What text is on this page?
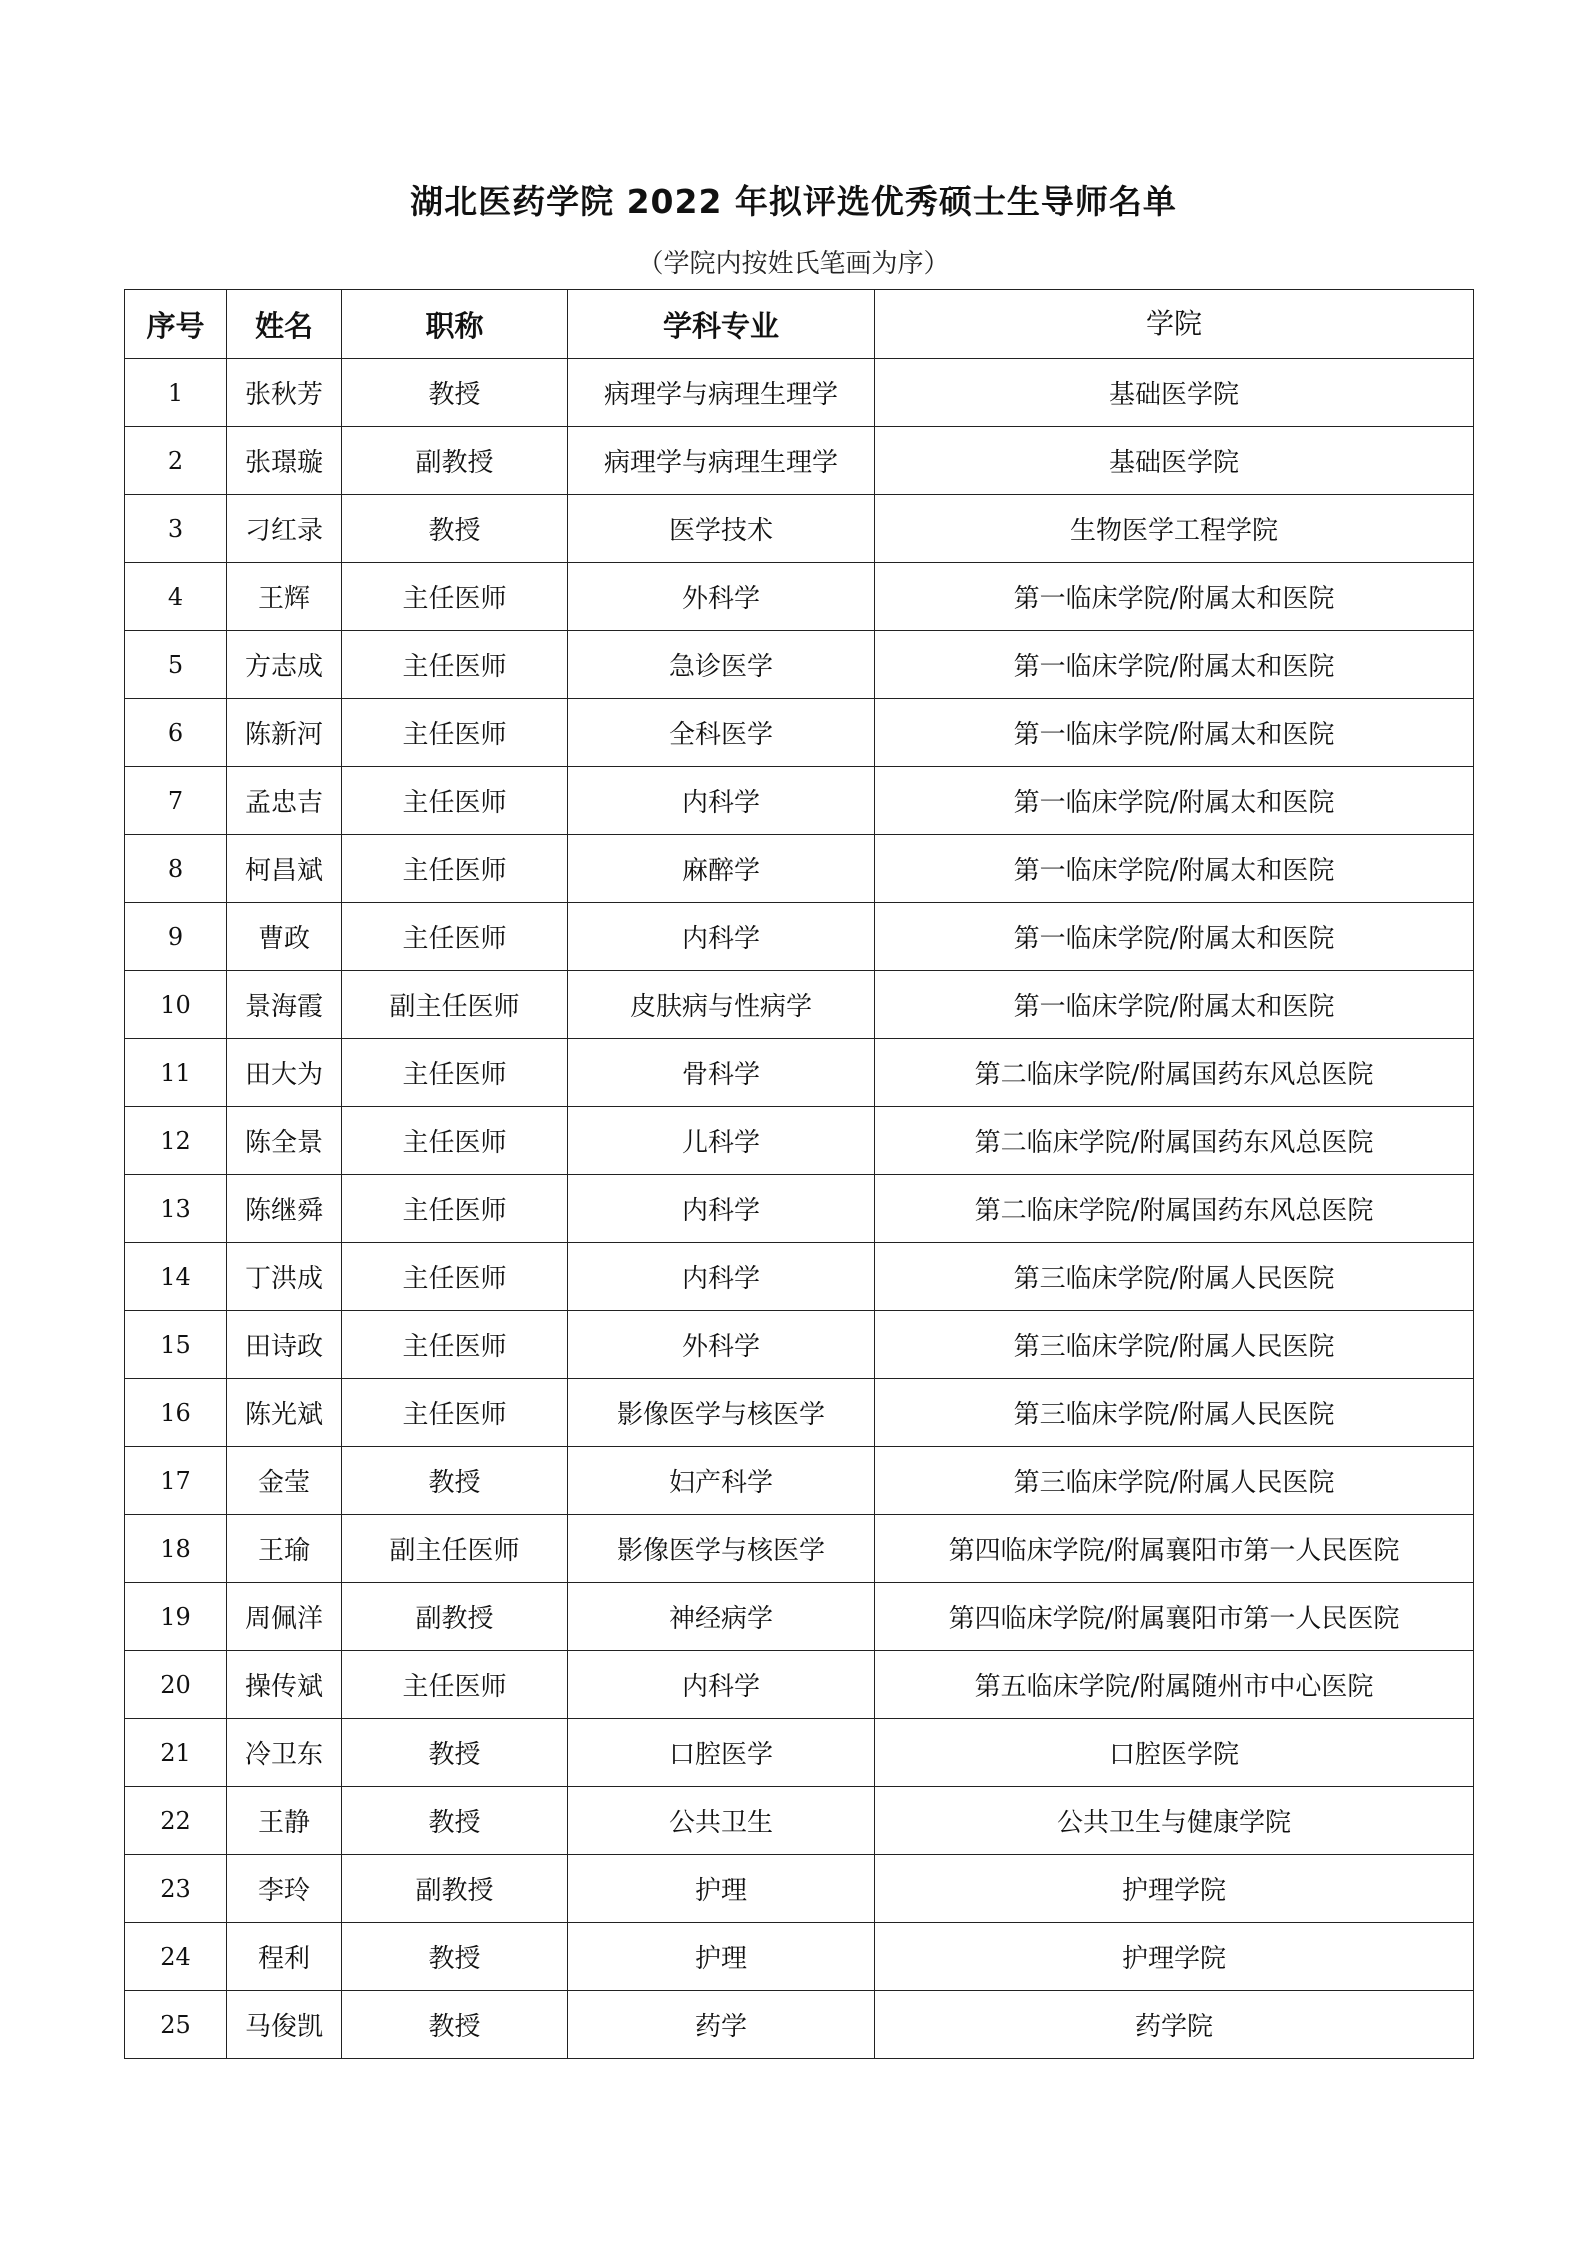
湖北医药学院 2022 年拟评选优秀硕士生导师名单
（学院内按姓氏笔画为序）
序号	姓名	职称	学科专业	学院
1	张秋芳	教授	病理学与病理生理学	基础医学院
2	张璟璇	副教授	病理学与病理生理学	基础医学院
3	刁红录	教授	医学技术	生物医学工程学院
4	王辉	主任医师	外科学	第一临床学院/附属太和医院
5	方志成	主任医师	急诊医学	第一临床学院/附属太和医院
6	陈新河	主任医师	全科医学	第一临床学院/附属太和医院
7	孟忠吉	主任医师	内科学	第一临床学院/附属太和医院
8	柯昌斌	主任医师	麻醉学	第一临床学院/附属太和医院
9	曹政	主任医师	内科学	第一临床学院/附属太和医院
10	景海霞	副主任医师	皮肤病与性病学	第一临床学院/附属太和医院
11	田大为	主任医师	骨科学	第二临床学院/附属国药东风总医院
12	陈全景	主任医师	儿科学	第二临床学院/附属国药东风总医院
13	陈继舜	主任医师	内科学	第二临床学院/附属国药东风总医院
14	丁洪成	主任医师	内科学	第三临床学院/附属人民医院
15	田诗政	主任医师	外科学	第三临床学院/附属人民医院
16	陈光斌	主任医师	影像医学与核医学	第三临床学院/附属人民医院
17	金莹	教授	妇产科学	第三临床学院/附属人民医院
18	王瑜	副主任医师	影像医学与核医学	第四临床学院/附属襄阳市第一人民医院
19	周佩洋	副教授	神经病学	第四临床学院/附属襄阳市第一人民医院
20	操传斌	主任医师	内科学	第五临床学院/附属随州市中心医院
21	冷卫东	教授	口腔医学	口腔医学院
22	王静	教授	公共卫生	公共卫生与健康学院
23	李玲	副教授	护理	护理学院
24	程利	教授	护理	护理学院
25	马俊凯	教授	药学	药学院
